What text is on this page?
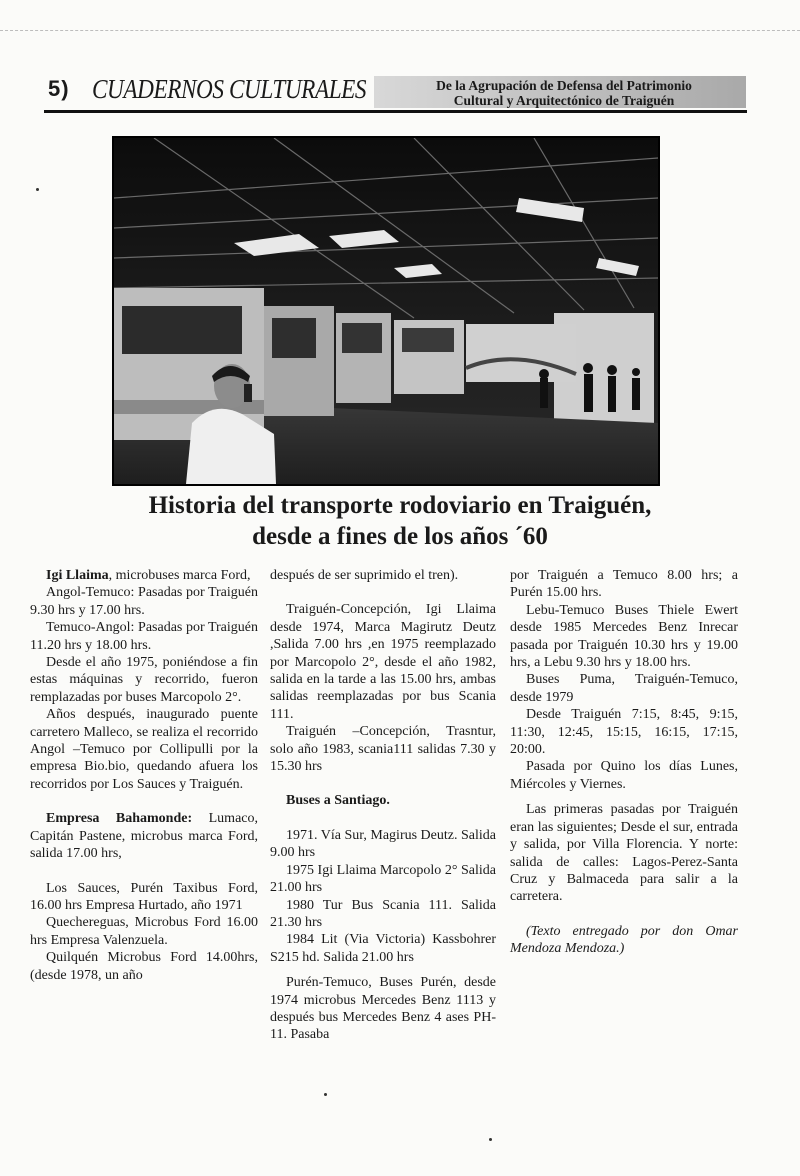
5) CUADERNOS CULTURALES	De la Agrupación de Defensa del Patrimonio
Cultural y Arquitectónico de Traiguén
Historia del transporte rodoviario en Traiguén,
desde a fines de los años ´60

Igi Llaima, microbuses marca Ford,

Angol-Temuco: Pasadas por Traiguén 9.30 hrs y 17.00 hrs.

Temuco-Angol: Pasadas por Traiguén 11.20 hrs y 18.00 hrs.

Desde el año 1975, poniéndose a fin estas máquinas y recorrido, fueron remplazadas por buses Marcopolo 2°.

Años después, inaugurado puente carretero Malleco, se realiza el recorrido Angol –Temuco por Collipulli por la empresa Bio.bio, quedando afuera los recorridos por Los Sauces y Traiguén.

Empresa Bahamonde: Lumaco, Capitán Pastene, microbus marca Ford, salida 17.00 hrs,

Los Sauces, Purén Taxibus Ford, 16.00 hrs Empresa Hurtado, año 1971

Quechereguas, Microbus Ford 16.00 hrs Empresa Valenzuela.

Quilquén Microbus Ford 14.00hrs, (desde 1978, un año

después de ser suprimido el tren).

Traiguén-Concepción, Igi Llaima desde 1974, Marca Magirutz Deutz ,Salida 7.00 hrs ,en 1975 reemplazado por Marcopolo 2°, desde el año 1982, salida en la tarde a las 15.00 hrs, ambas salidas reemplazadas por bus Scania 111.

Traiguén –Concepción, Trasntur, solo año 1983, scania111 salidas 7.30 y 15.30 hrs

Buses a Santiago.

1971. Vía Sur, Magirus Deutz. Salida 9.00 hrs

1975 Igi Llaima Marcopolo 2° Salida 21.00 hrs

1980 Tur Bus Scania 111. Salida 21.30 hrs

1984 Lit (Via Victoria) Kassbohrer S215 hd. Salida 21.00 hrs

Purén-Temuco, Buses Purén, desde 1974 microbus Mercedes Benz 1113 y después bus Mercedes Benz 4 ases PH-11. Pasaba

por Traiguén a Temuco 8.00 hrs; a Purén 15.00 hrs.

Lebu-Temuco Buses Thiele Ewert desde 1985 Mercedes Benz Inrecar pasada por Traiguén 10.30 hrs y 19.00 hrs, a Lebu 9.30 hrs y 18.00 hrs.

Buses Puma, Traiguén-Temuco, desde 1979

Desde Traiguén 7:15, 8:45, 9:15, 11:30, 12:45, 15:15, 16:15, 17:15, 20:00.

Pasada por Quino los días Lunes, Miércoles y Viernes.

Las primeras pasadas por Traiguén eran las siguientes; Desde el sur, entrada y salida, por Villa Florencia. Y norte: salida de calles: Lagos-Perez-Santa Cruz y Balmaceda para salir a la carretera.

(Texto entregado por don Omar Mendoza Mendoza.)
